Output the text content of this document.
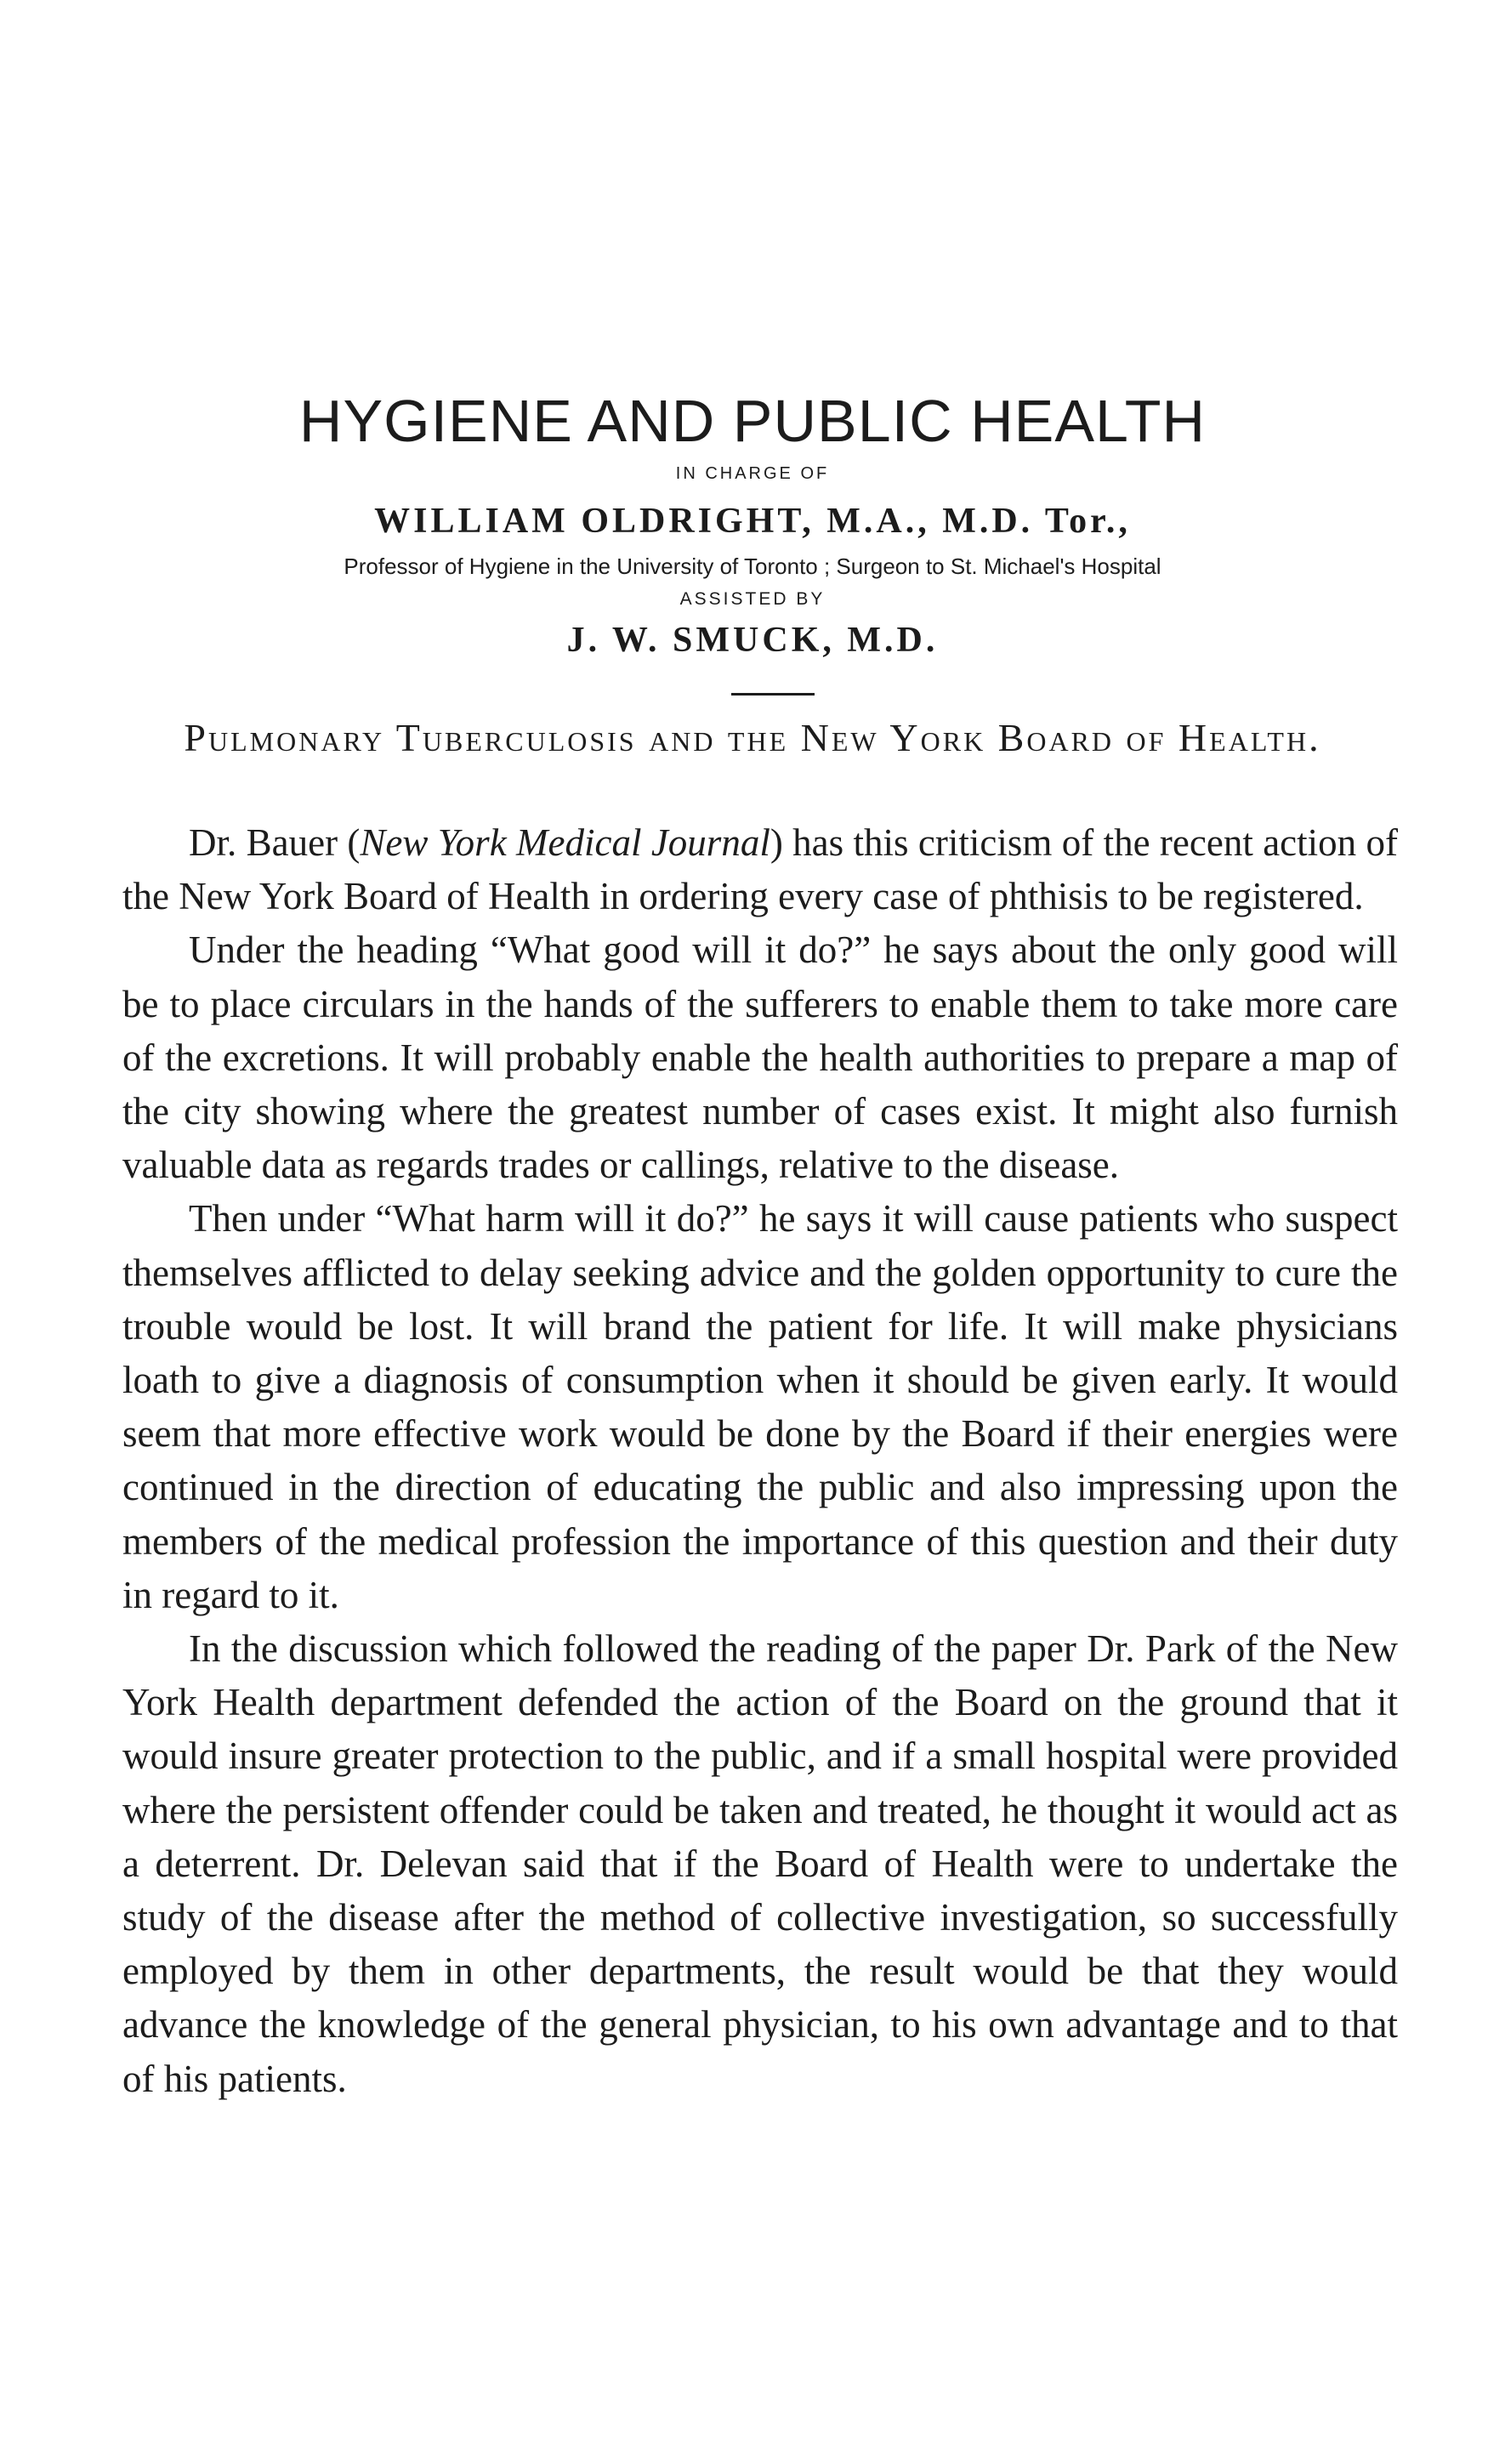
HYGIENE AND PUBLIC HEALTH
IN CHARGE OF
WILLIAM OLDRIGHT, M.A., M.D. Tor.,
Professor of Hygiene in the University of Toronto ; Surgeon to St. Michael's Hospital
ASSISTED BY
J. W. SMUCK, M.D.
Pulmonary Tuberculosis and the New York Board of Health.

Dr. Bauer (New York Medical Journal) has this criticism of the recent action of the New York Board of Health in ordering every case of phthisis to be registered.

Under the heading “What good will it do?” he says about the only good will be to place circulars in the hands of the sufferers to enable them to take more care of the excretions. It will probably enable the health authorities to prepare a map of the city showing where the greatest number of cases exist. It might also furnish valuable data as regards trades or callings, relative to the disease.

Then under “What harm will it do?” he says it will cause patients who suspect themselves afflicted to delay seeking advice and the golden opportunity to cure the trouble would be lost. It will brand the patient for life. It will make physicians loath to give a diagnosis of consumption when it should be given early. It would seem that more effective work would be done by the Board if their energies were continued in the direction of educating the public and also impressing upon the members of the medical profession the importance of this question and their duty in regard to it.

In the discussion which followed the reading of the paper Dr. Park of the New York Health department defended the action of the Board on the ground that it would insure greater protection to the public, and if a small hospital were provided where the persistent offender could be taken and treated, he thought it would act as a deterrent. Dr. Delevan said that if the Board of Health were to undertake the study of the disease after the method of collective investigation, so successfully employed by them in other departments, the result would be that they would advance the knowledge of the general physician, to his own advantage and to that of his patients.
